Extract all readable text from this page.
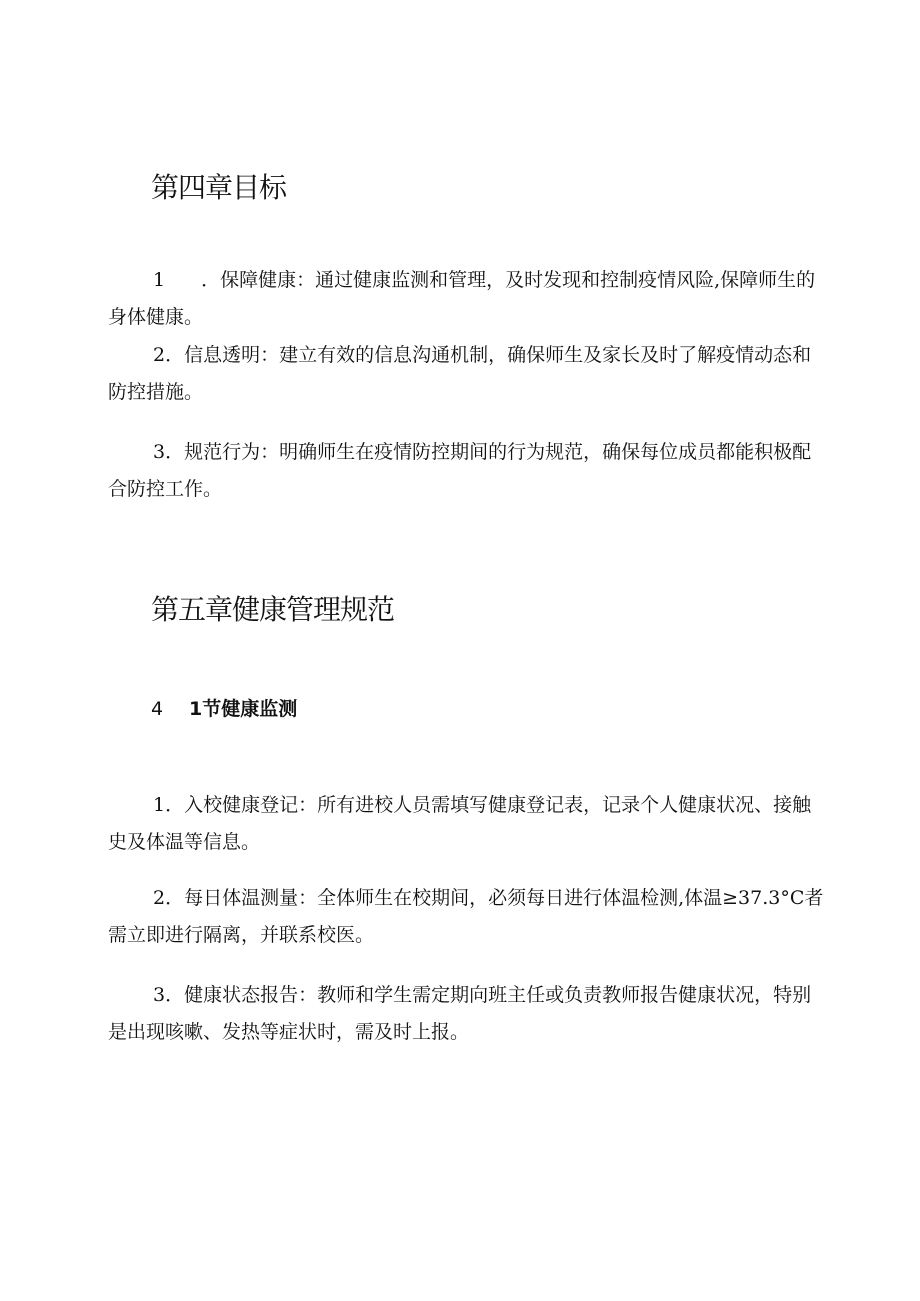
第四章目标

1 ．保障健康：通过健康监测和管理，及时发现和控制疫情风险,保障师生的身体健康。

2．信息透明：建立有效的信息沟通机制，确保师生及家长及时了解疫情动态和防控措施。

3．规范行为：明确师生在疫情防控期间的行为规范，确保每位成员都能积极配合防控工作。

第五章健康管理规范
4 1节健康监测

1．入校健康登记：所有进校人员需填写健康登记表，记录个人健康状况、接触史及体温等信息。

2．每日体温测量：全体师生在校期间，必须每日进行体温检测,体温≥37.3°C者需立即进行隔离，并联系校医。

3．健康状态报告：教师和学生需定期向班主任或负责教师报告健康状况，特别是出现咳嗽、发热等症状时，需及时上报。
